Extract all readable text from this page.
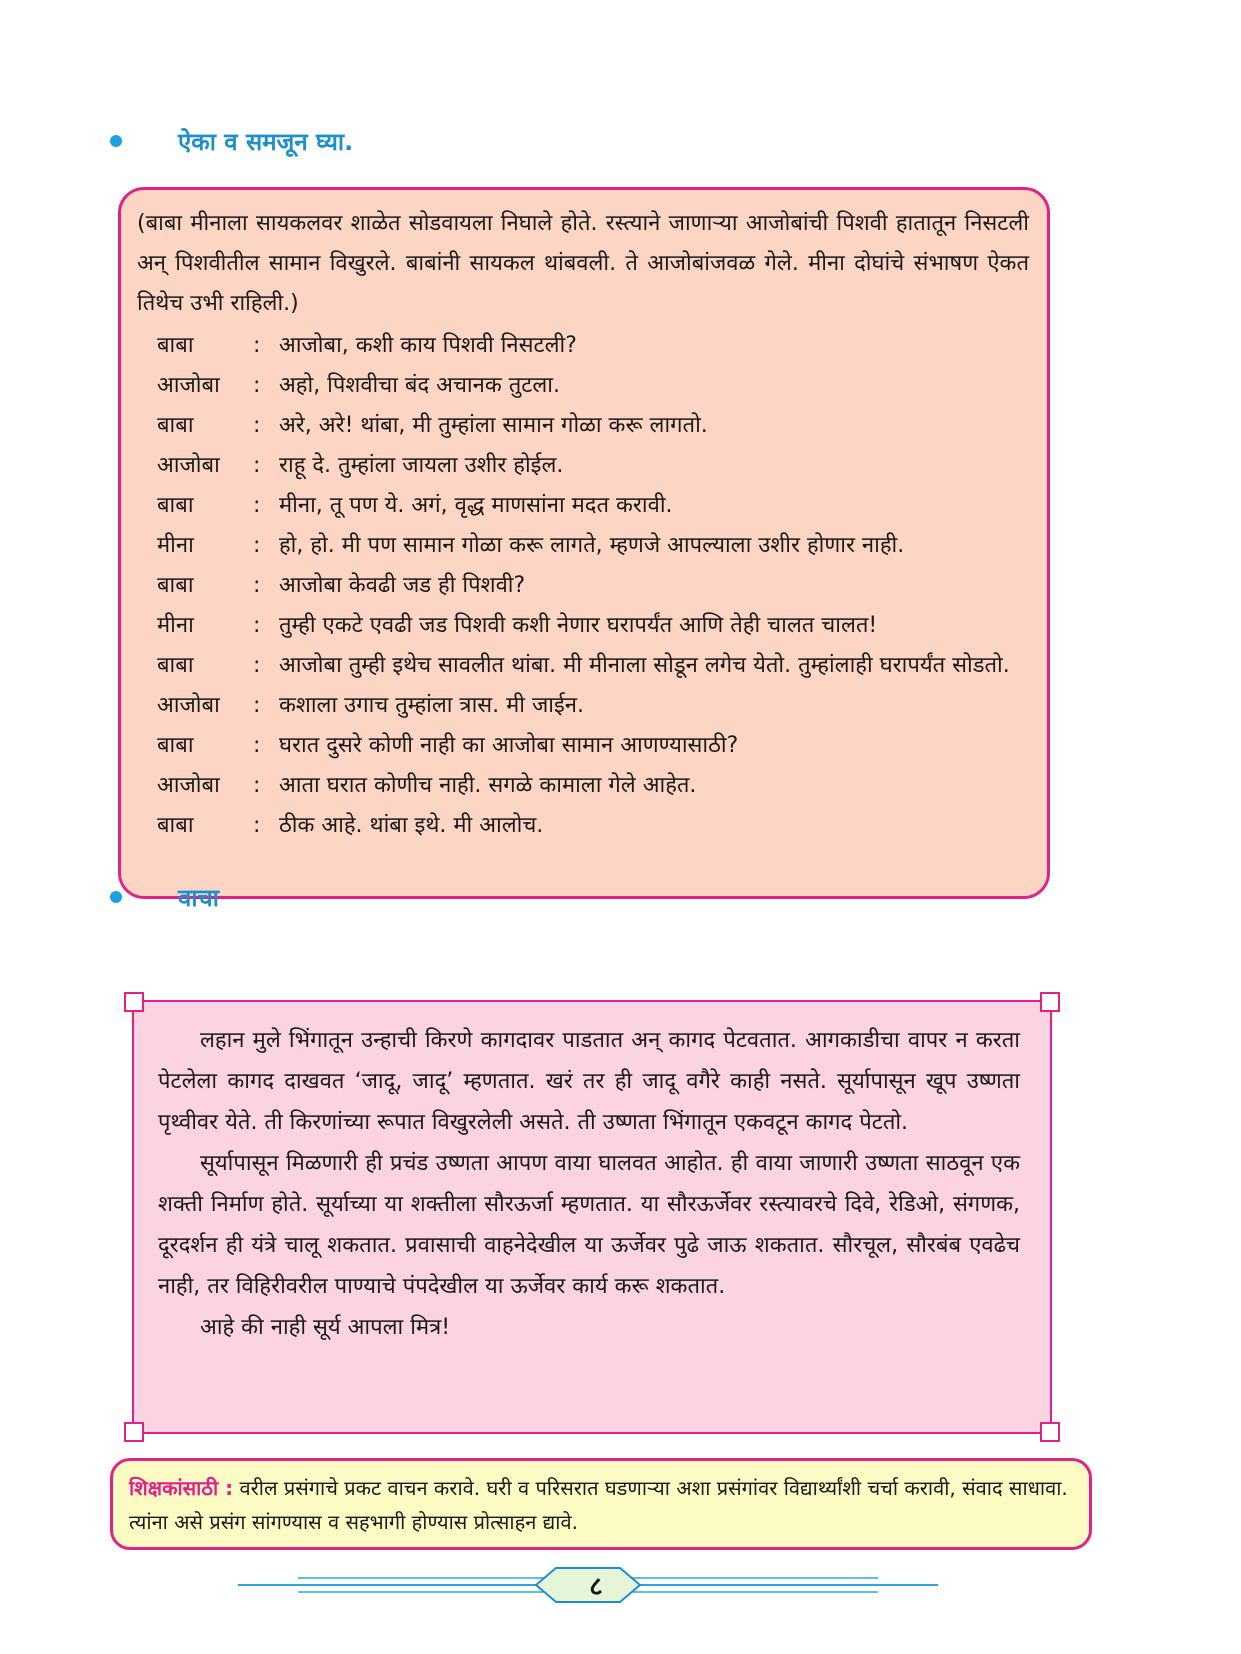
ऐका व समजून घ्या.

(बाबा मीनाला सायकलवर शाळेत सोडवायला निघाले होते. रस्त्याने जाणाऱ्या आजोबांची पिशवी हातातून निसटली अन् पिशवीतील सामान विखुरले. बाबांनी सायकल थांबवली. ते आजोबांजवळ गेले. मीना दोघांचे संभाषण ऐकत तिथेच उभी राहिली.)

बाबा	: आजोबा, कशी काय पिशवी निसटली?
आजोबा	: अहो, पिशवीचा बंद अचानक तुटला.
बाबा	: अरे, अरे! थांबा, मी तुम्हांला सामान गोळा करू लागतो.
आजोबा	: राहू दे. तुम्हांला जायला उशीर होईल.
बाबा	: मीना, तू पण ये. अगं, वृद्ध माणसांना मदत करावी.
मीना	: हो, हो. मी पण सामान गोळा करू लागते, म्हणजे आपल्याला उशीर होणार नाही.
बाबा	: आजोबा केवढी जड ही पिशवी?
मीना	: तुम्ही एकटे एवढी जड पिशवी कशी नेणार घरापर्यंत आणि तेही चालत चालत!
बाबा	: आजोबा तुम्ही इथेच सावलीत थांबा. मी मीनाला सोडून लगेच येतो. तुम्हांलाही घरापर्यंत सोडतो.
आजोबा	: कशाला उगाच तुम्हांला त्रास. मी जाईन.
बाबा	: घरात दुसरे कोणी नाही का आजोबा सामान आणण्यासाठी?
आजोबा	: आता घरात कोणीच नाही. सगळे कामाला गेले आहेत.
बाबा	: ठीक आहे. थांबा इथे. मी आलोच.
वाचा

लहान मुले भिंगातून उन्हाची किरणे कागदावर पाडतात अन् कागद पेटवतात. आगकाडीचा वापर न करता पेटलेला कागद दाखवत ‘जादू, जादू’ म्हणतात. खरं तर ही जादू वगैरे काही नसते. सूर्यापासून खूप उष्णता पृथ्वीवर येते. ती किरणांच्या रूपात विखुरलेली असते. ती उष्णता भिंगातून एकवटून कागद पेटतो.

सूर्यापासून मिळणारी ही प्रचंड उष्णता आपण वाया घालवत आहोत. ही वाया जाणारी उष्णता साठवून एक शक्ती निर्माण होते. सूर्याच्या या शक्तीला सौरऊर्जा म्हणतात. या सौरऊर्जेवर रस्त्यावरचे दिवे, रेडिओ, संगणक, दूरदर्शन ही यंत्रे चालू शकतात. प्रवासाची वाहनेदेखील या ऊर्जेवर पुढे जाऊ शकतात. सौरचूल, सौरबंब एवढेच नाही, तर विहिरीवरील पाण्याचे पंपदेखील या ऊर्जेवर कार्य करू शकतात.

आहे की नाही सूर्य आपला मित्र!

शिक्षकांसाठी : वरील प्रसंगाचे प्रकट वाचन करावे. घरी व परिसरात घडणाऱ्या अशा प्रसंगांवर विद्यार्थ्यांशी चर्चा करावी, संवाद साधावा. त्यांना असे प्रसंग सांगण्यास व सहभागी होण्यास प्रोत्साहन द्यावे.
८
